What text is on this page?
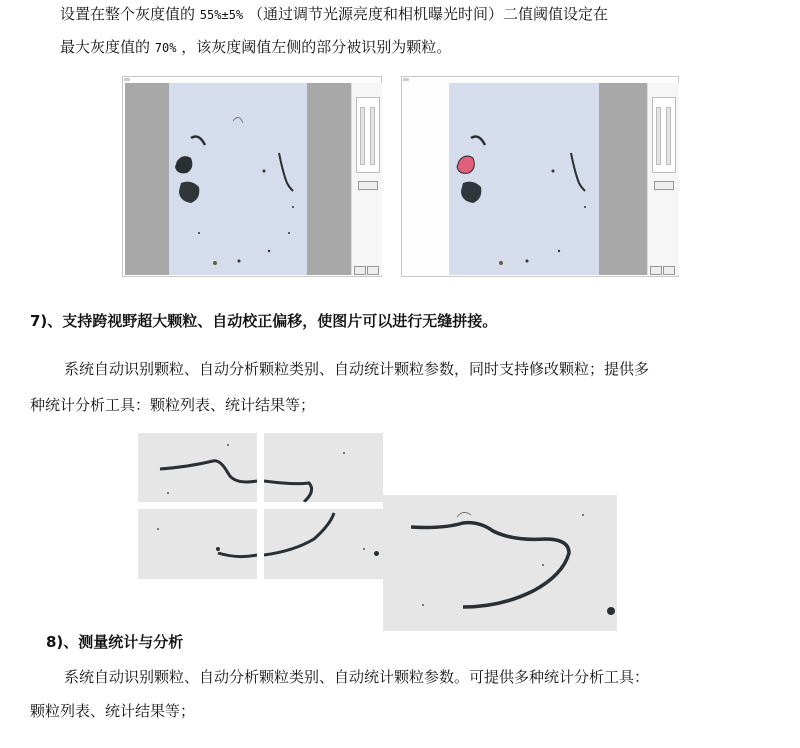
设置在整个灰度值的 55%±5% （通过调节光源亮度和相机曝光时间）二值阈值设定在
最大灰度值的 70% ，该灰度阈值左侧的部分被识别为颗粒。
7)、支持跨视野超大颗粒、自动校正偏移，使图片可以进行无缝拼接。
系统自动识别颗粒、自动分析颗粒类别、自动统计颗粒参数，同时支持修改颗粒；提供多
种统计分析工具：颗粒列表、统计结果等；
8)、测量统计与分析
系统自动识别颗粒、自动分析颗粒类别、自动统计颗粒参数。可提供多种统计分析工具：
颗粒列表、统计结果等；
